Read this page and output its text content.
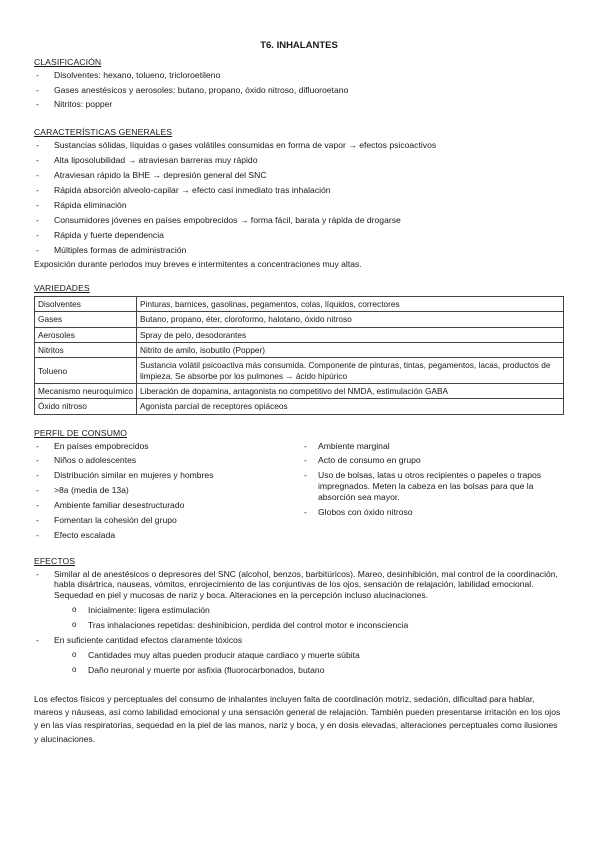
T6. INHALANTES
CLASIFICACIÓN
- Disolventes: hexano, tolueno, tricloroetileno
- Gases anestésicos y aerosoles: butano, propano, óxido nitroso, difluoroetano
- Nitritos: popper
CARACTERÍSTICAS GENERALES
- Sustancias sólidas, líquidas o gases volátiles consumidas en forma de vapor → efectos psicoactivos
- Alta liposolubilidad → atraviesan barreras muy rápido
- Atraviesan rápido la BHE → depresión general del SNC
- Rápida absorción alveolo-capilar → efecto casi inmediato tras inhalación
- Rápida eliminación
- Consumidores jóvenes en países empobrecidos → forma fácil, barata y rápida de drogarse
- Rápida y fuerte dependencia
- Múltiples formas de administración
Exposición durante periodos muy breves e intermitentes a concentraciones muy altas.
VARIEDADES
Disolventes	Pinturas, barnices, gasolinas, pegamentos, colas, líquidos, correctores
Gases	Butano, propano, éter, cloroformo, halotano, óxido nitroso
Aerosoles	Spray de pelo, desodorantes
Nitritos	Nitrito de amilo, isobutilo (Popper)
Tolueno	Sustancia volátil psicoactiva más consumida. Componente de pinturas, tintas, pegamentos, lacas, productos de limpieza. Se absorbe por los pulmones → ácido hipúrico
Mecanismo neuroquímico	Liberación de dopamina, antagonista no competitivo del NMDA, estimulación GABA
Óxido nitroso	Agonista parcial de receptores opiáceos
PERFIL DE CONSUMO
- En países empobrecidos
- Niños o adolescentes
- Distribución similar en mujeres y hombres
- >8a (media de 13a)
- Ambiente familiar desestructurado
- Fomentan la cohesión del grupo
- Efecto escalada
- Ambiente marginal
- Acto de consumo en grupo
- Uso de bolsas, latas u otros recipientes o papeles o trapos impregnados. Meten la cabeza en las bolsas para que la absorción sea mayor.
- Globos con óxido nitroso
EFECTOS
- Similar al de anestésicos o depresores del SNC (alcohol, benzos, barbitúricos). Mareo, desinhibición, mal control de la coordinación, habla disártrica, nauseas, vómitos, enrojecimiento de las conjuntivas de los ojos, sensación de relajación, labilidad emocional. Sequedad en piel y mucosas de nariz y boca. Alteraciones en la percepción incluso alucinaciones.
o Inicialmente: ligera estimulación
o Tras inhalaciones repetidas: deshinibicion, perdida del control motor e inconsciencia
- En suficiente cantidad efectos claramente tóxicos
o Cantidades muy altas pueden producir ataque cardiaco y muerte súbita
o Daño neuronal y muerte por asfixia (fluorocarbonados, butano
Los efectos físicos y perceptuales del consumo de inhalantes incluyen falta de coordinación motriz, sedación, dificultad para hablar, mareos y náuseas, así como labilidad emocional y una sensación general de relajación. También pueden presentarse irritación en los ojos y en las vías respiratorias, sequedad en la piel de las manos, nariz y boca, y en dosis elevadas, alteraciones perceptuales como ilusiones y alucinaciones.
